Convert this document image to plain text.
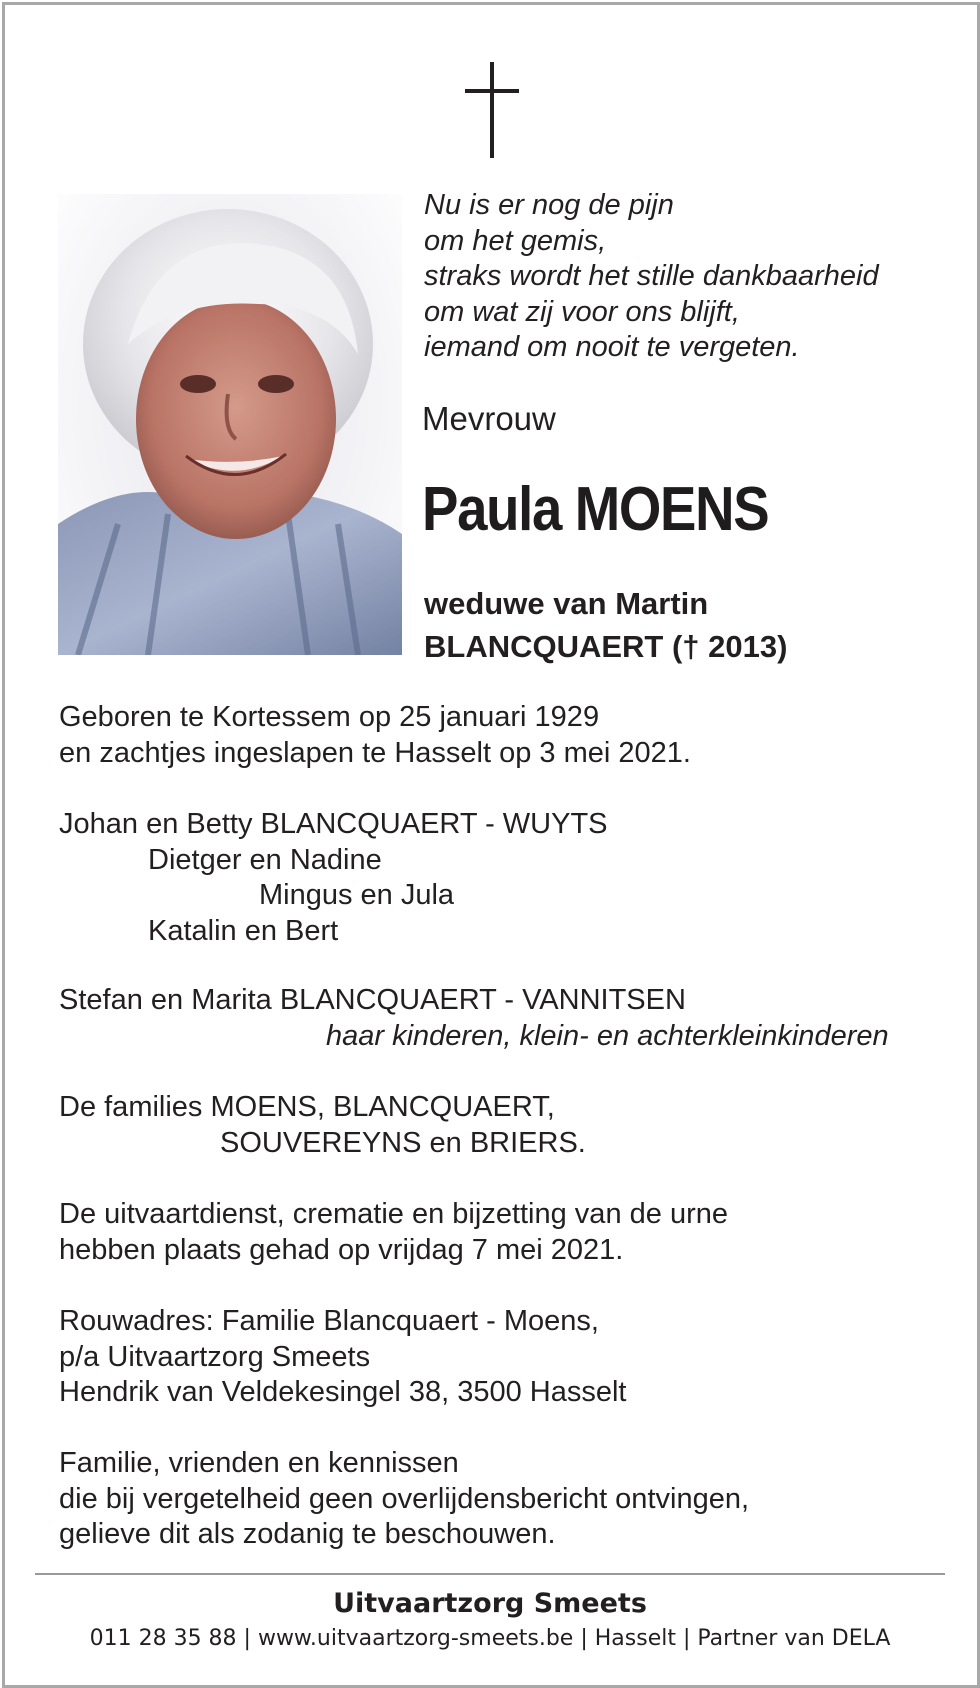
Nu is er nog de pijn
om het gemis,
straks wordt het stille dankbaarheid
om wat zij voor ons blijft,
iemand om nooit te vergeten.
Mevrouw
Paula MOENS
weduwe van Martin
BLANCQUAERT († 2013)
Geboren te Kortessem op 25 januari 1929
en zachtjes ingeslapen te Hasselt op 3 mei 2021.
Johan en Betty BLANCQUAERT - WUYTS
Dietger en Nadine
Mingus en Jula
Katalin en Bert
Stefan en Marita BLANCQUAERT - VANNITSEN
haar kinderen, klein- en achterkleinkinderen
De families MOENS, BLANCQUAERT,
SOUVEREYNS en BRIERS.
De uitvaartdienst, crematie en bijzetting van de urne
hebben plaats gehad op vrijdag 7 mei 2021.
Rouwadres: Familie Blancquaert - Moens,
p/a Uitvaartzorg Smeets
Hendrik van Veldekesingel 38, 3500 Hasselt
Familie, vrienden en kennissen
die bij vergetelheid geen overlijdensbericht ontvingen,
gelieve dit als zodanig te beschouwen.
Uitvaartzorg Smeets
011 28 35 88 | www.uitvaartzorg-smeets.be | Hasselt | Partner van DELA
